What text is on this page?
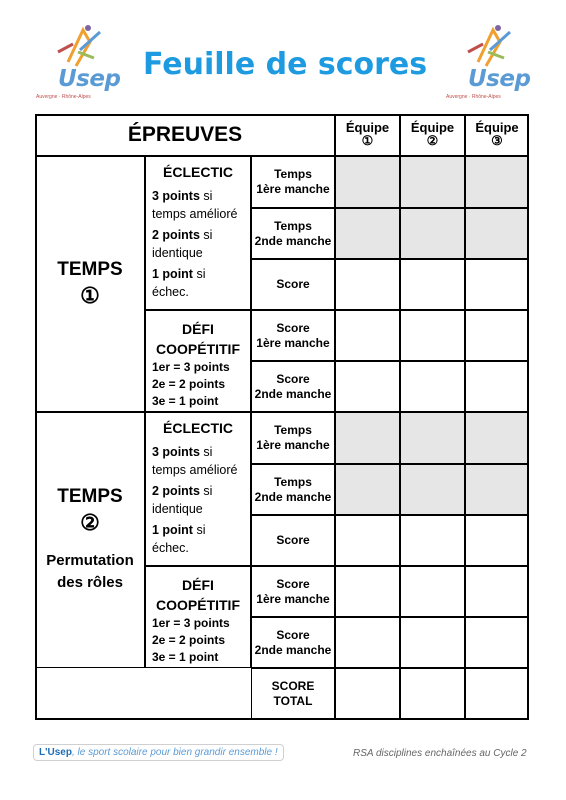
Usep
Auvergne · Rhône-Alpes
Usep
Auvergne · Rhône-Alpes
Feuille de scores
ÉPREUVES	Équipe
①
Équipe
②
Équipe
③
TEMPS
①
ÉCLECTIC

3 points si temps amélioré

2 points si identique

1 point si échec.

DÉFI
COOPÉTITIF
1er = 3 points
2e = 2 points
3e = 1 point
Temps
1ère manche
Temps
2nde manche
Score
Score
1ère manche
Score
2nde manche
TEMPS
②
Permutation des rôles
ÉCLECTIC

3 points si temps amélioré

2 points si identique

1 point si échec.

DÉFI
COOPÉTITIF
1er = 3 points
2e = 2 points
3e = 1 point
Temps
1ère manche
Temps
2nde manche
Score
Score
1ère manche
Score
2nde manche
SCORE TOTAL
L'Usep, le sport scolaire pour bien grandir ensemble !	RSA disciplines enchaînées au Cycle 2
